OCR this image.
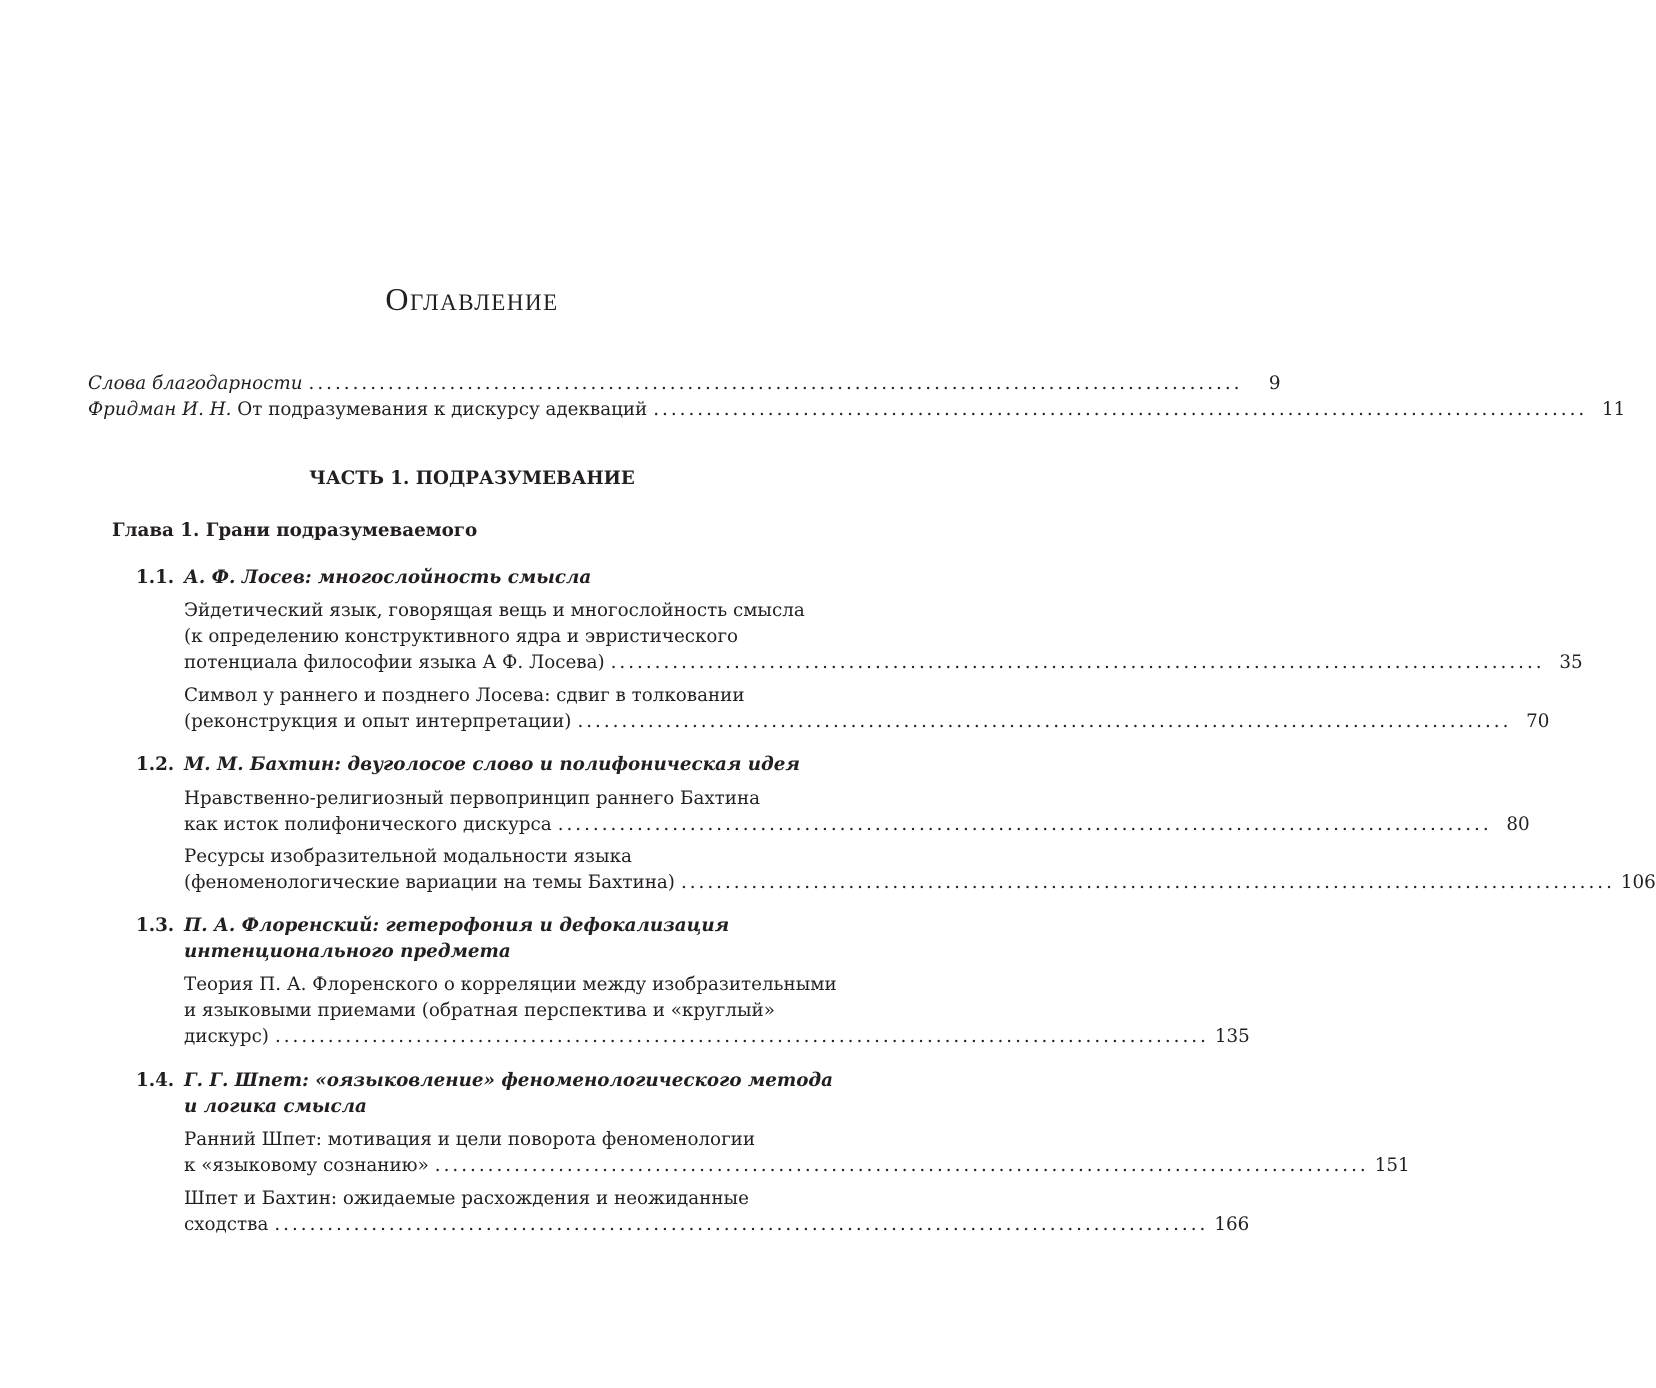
ОГЛАВЛЕНИЕ
Слова благодарности ..........................................................................................................	9
Фридман И. Н. От подразумевания к дискурсу адекваций .......................................................................................................... 11
ЧАСТЬ 1. ПОДРАЗУМЕВАНИЕ
Глава 1. Грани подразумеваемого
1.1. А. Ф. Лосев: многослойность смысла
Эйдетический язык, говорящая вещь и многослойность смысла
(к определению конструктивного ядра и эвристического
потенциала философии языка А Ф. Лосева) .......................................................................................................... 35
Символ у раннего и позднего Лосева: сдвиг в толковании
(реконструкция и опыт интерпретации) .......................................................................................................... 70
1.2. М. М. Бахтин: двуголосое слово и полифоническая идея
Нравственно-религиозный первопринцип раннего Бахтина
как исток полифонического дискурса .......................................................................................................... 80
Ресурсы изобразительной модальности языка
(феноменологические вариации на темы Бахтина) .......................................................................................................... 106
1.3. П. А. Флоренский: гетерофония и дефокализация
интенционального предмета
Теория П. А. Флоренского о корреляции между изобразительными
и языковыми приемами (обратная перспектива и «круглый»
дискурс) .......................................................................................................... 135
1.4. Г. Г. Шпет: «оязыковление» феноменологического метода
и логика смысла
Ранний Шпет: мотивация и цели поворота феноменологии
к «языковому сознанию» .......................................................................................................... 151
Шпет и Бахтин: ожидаемые расхождения и неожиданные
сходства .......................................................................................................... 166
